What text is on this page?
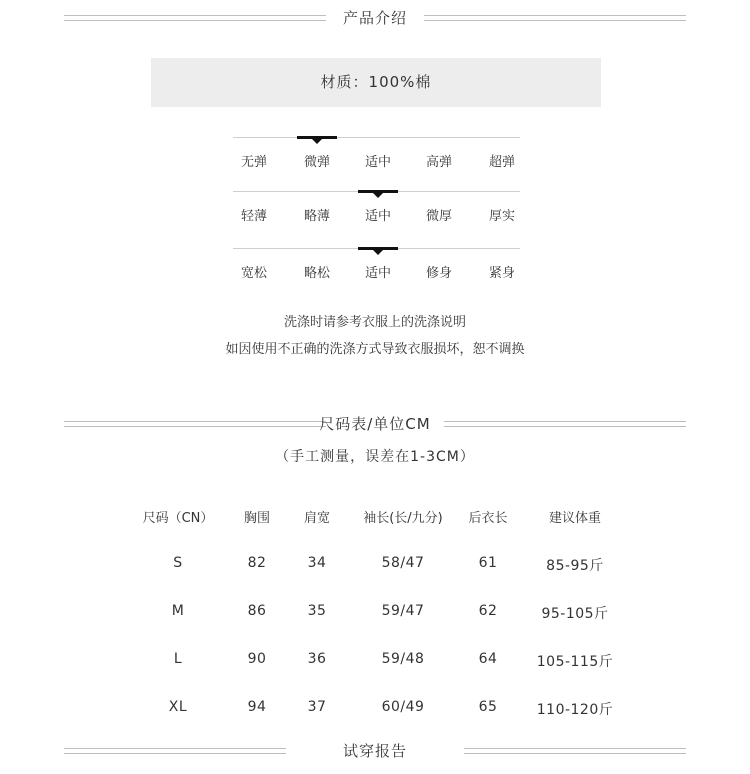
产品介绍
材质：100%棉
无弹	微弹	适中	高弹	超弹
轻薄	略薄	适中	微厚	厚实
宽松	略松	适中	修身	紧身
洗涤时请参考衣服上的洗涤说明
如因使用不正确的洗涤方式导致衣服损坏，恕不调换
尺码表/单位CM
（手工测量，误差在1-3CM）
尺码（CN）	胸围	肩宽	袖长(长/九分)	后衣长	建议体重
S	82	34	58/47	61	85-95斤
M	86	35	59/47	62	95-105斤
L	90	36	59/48	64	105-115斤
XL	94	37	60/49	65	110-120斤
试穿报告
